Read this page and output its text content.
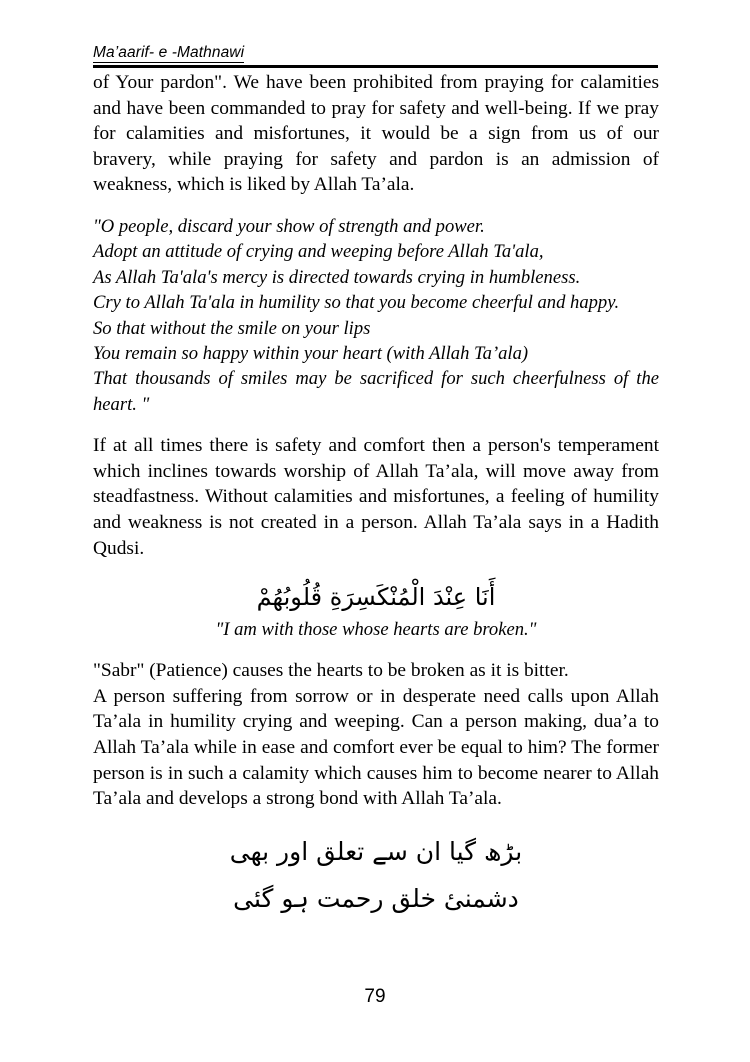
Ma’aarif- e -Mathnawi

of Your pardon". We have been prohibited from praying for calamities and have been commanded to pray for safety and well-being. If we pray for calamities and misfortunes, it would be a sign from us of our bravery, while praying for safety and pardon is an admission of weakness, which is liked by Allah Ta’ala.

"O people, discard your show of strength and power.

Adopt an attitude of crying and weeping before Allah Ta'ala,

As Allah Ta'ala's mercy is directed towards crying in humbleness.

Cry to Allah Ta'ala in humility so that you become cheerful and happy.

So that without the smile on your lips

You remain so happy within your heart (with Allah Ta’ala)

That thousands of smiles may be sacrificed for such cheerfulness of the heart. "

If at all times there is safety and comfort then a person's temperament which inclines towards worship of Allah Ta’ala, will move away from steadfastness. Without calamities and misfortunes, a feeling of humility and weakness is not created in a person. Allah Ta’ala says in a Hadith Qudsi.

أَنَا عِنْدَ الْمُنْكَسِرَةِ قُلُوبُهُمْ

"I am with those whose hearts are broken."

"Sabr" (Patience) causes the hearts to be broken as it is bitter.

A person suffering from sorrow or in desperate need calls upon Allah Ta’ala in humility crying and weeping. Can a person making, dua’a to Allah Ta’ala while in ease and comfort ever be equal to him? The former person is in such a calamity which causes him to become nearer to Allah Ta’ala and develops a strong bond with Allah Ta’ala.

بڑھ گیا ان سے تعلق اور بھی

دشمنیٔ خلق رحمت ہو گئی

79
